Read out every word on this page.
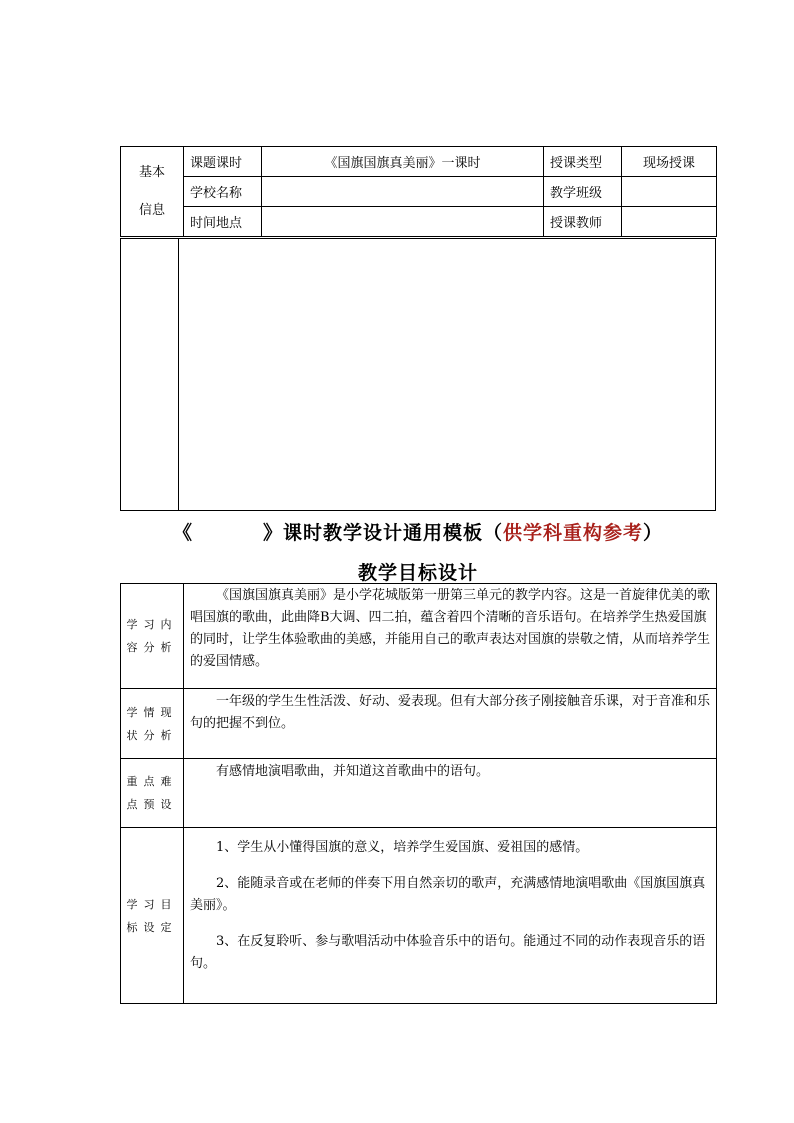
基本
信息	课题课时	《国旗国旗真美丽》一课时	授课类型	现场授课
	学校名称		教学班级	
	时间地点		授课教师	
《	》课时教学设计通用模板（供学科重构参考）
教学目标设计
学习内容分析	《国旗国旗真美丽》是小学花城版第一册第三单元的教学内容。这是一首旋律优美的歌唱国旗的歌曲，此曲降B大调、四二拍，蕴含着四个清晰的音乐语句。在培养学生热爱国旗的同时，让学生体验歌曲的美感，并能用自己的歌声表达对国旗的崇敬之情，从而培养学生的爱国情感。
学情现状分析	一年级的学生生性活泼、好动、爱表现。但有大部分孩子刚接触音乐课，对于音准和乐句的把握不到位。
重点难点预设	有感情地演唱歌曲，并知道这首歌曲中的语句。
学习目标设定	1、学生从小懂得国旗的意义，培养学生爱国旗、爱祖国的感情。

2、能随录音或在老师的伴奏下用自然亲切的歌声，充满感情地演唱歌曲《国旗国旗真美丽》。

3、在反复聆听、参与歌唱活动中体验音乐中的语句。能通过不同的动作表现音乐的语句。
